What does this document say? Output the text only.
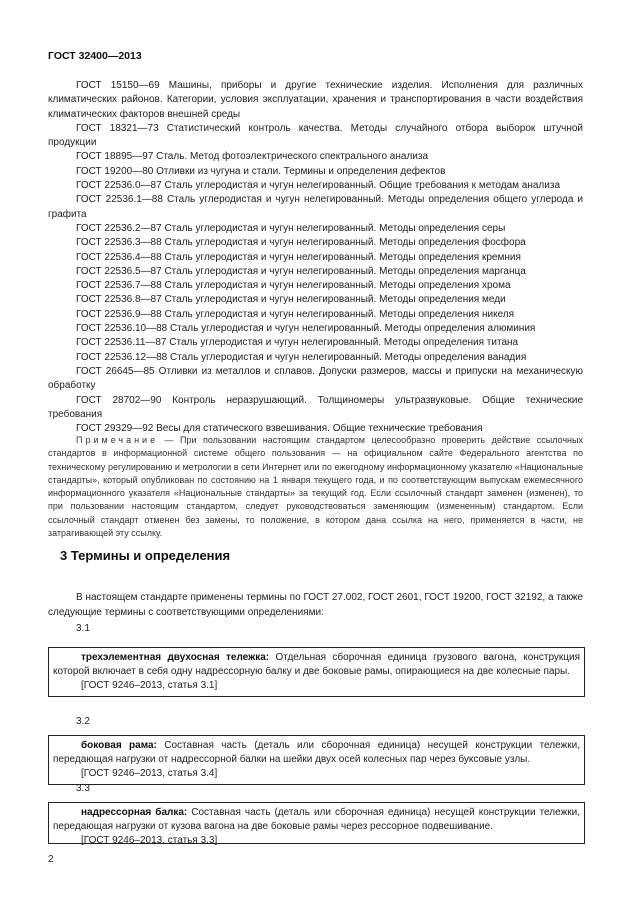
ГОСТ 32400—2013

ГОСТ 15150—69 Машины, приборы и другие технические изделия. Исполнения для различных климатических районов. Категории, условия эксплуатации, хранения и транспортирования в части воздействия климатических факторов внешней среды

ГОСТ 18321—73 Статистический контроль качества. Методы случайного отбора выборок штучной продукции

ГОСТ 18895—97 Сталь. Метод фотоэлектрического спектрального анализа

ГОСТ 19200—80 Отливки из чугуна и стали. Термины и определения дефектов

ГОСТ 22536.0—87 Сталь углеродистая и чугун нелегированный. Общие требования к методам анализа

ГОСТ 22536.1—88 Сталь углеродистая и чугун нелегированный. Методы определения общего углерода и графита

ГОСТ 22536.2—87 Сталь углеродистая и чугун нелегированный. Методы определения серы

ГОСТ 22536.3—88 Сталь углеродистая и чугун нелегированный. Методы определения фосфора

ГОСТ 22536.4—88 Сталь углеродистая и чугун нелегированный. Методы определения кремния

ГОСТ 22536.5—87 Сталь углеродистая и чугун нелегированный. Методы определения марганца

ГОСТ 22536.7—88 Сталь углеродистая и чугун нелегированный. Методы определения хрома

ГОСТ 22536.8—87 Сталь углеродистая и чугун нелегированный. Методы определения меди

ГОСТ 22536.9—88 Сталь углеродистая и чугун нелегированный. Методы определения никеля

ГОСТ 22536.10—88 Сталь углеродистая и чугун нелегированный. Методы определения алюминия

ГОСТ 22536.11—87 Сталь углеродистая и чугун нелегированный. Методы определения титана

ГОСТ 22536.12—88 Сталь углеродистая и чугун нелегированный. Методы определения ванадия

ГОСТ 26645—85 Отливки из металлов и сплавов. Допуски размеров, массы и припуски на механическую обработку

ГОСТ 28702—90 Контроль неразрушающий. Толщиномеры ультразвуковые. Общие технические требования

ГОСТ 29329—92 Весы для статического взвешивания. Общие технические требования

Примечание — При пользовании настоящим стандартом целесообразно проверить действие ссылочных стандартов в информационной системе общего пользования — на официальном сайте Федерального агентства по техническому регулированию и метрологии в сети Интернет или по ежегодному информационному указателю «Национальные стандарты», который опубликован по состоянию на 1 января текущего года, и по соответствующим выпускам ежемесячного информационного указателя «Национальные стандарты» за текущий год. Если ссылочный стандарт заменен (изменен), то при пользовании настоящим стандартом, следует руководствоваться заменяющим (измененным) стандартом. Если ссылочный стандарт отменен без замены, то положение, в котором дана ссылка на него, применяется в части, не затрагивающей эту ссылку.

3 Термины и определения

В настоящем стандарте применены термины по ГОСТ 27.002, ГОСТ 2601, ГОСТ 19200, ГОСТ 32192, а также следующие термины с соответствующими определениями:

3.1

трехэлементная двухосная тележка: Отдельная сборочная единица грузового вагона, конструкция которой включает в себя одну надрессорную балку и две боковые рамы, опирающиеся на две колесные пары.

[ГОСТ 9246–2013, статья 3.1]

3.2

боковая рама: Составная часть (деталь или сборочная единица) несущей конструкции тележки, передающая нагрузки от надрессорной балки на шейки двух осей колесных пар через буксовые узлы.

[ГОСТ 9246–2013, статья 3.4]

3.3

надрессорная балка: Составная часть (деталь или сборочная единица) несущей конструкции тележки, передающая нагрузки от кузова вагона на две боковые рамы через рессорное подвешивание.

[ГОСТ 9246–2013, статья 3.3]

2
